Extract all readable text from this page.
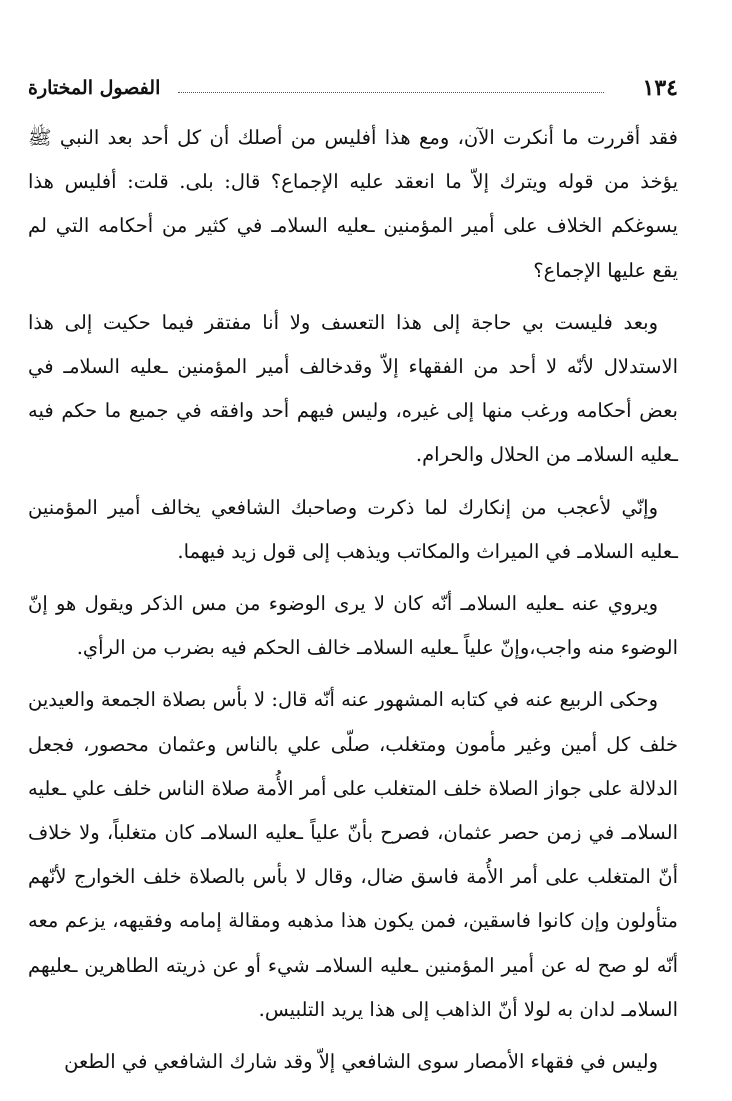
١٣٤
الفصول المختارة

فقد أقررت ما أنكرت الآن، ومع هذا أفليس من أصلك أن كل أحد بعد النبي ﷺ يؤخذ من قوله ويترك إلاّ ما انعقد عليه الإجماع؟ قال: بلى. قلت: أفليس هذا يسوغكم الخلاف على أمير المؤمنين ـعليه السلامـ في كثير من أحكامه التي لم يقع عليها الإجماع؟

وبعد فليست بي حاجة إلى هذا التعسف ولا أنا مفتقر فيما حكيت إلى هذا الاستدلال لأنّه لا أحد من الفقهاء إلاّ وقدخالف أمير المؤمنين ـعليه السلامـ في بعض أحكامه ورغب منها إلى غيره، وليس فيهم أحد وافقه في جميع ما حكم فيه ـعليه السلامـ من الحلال والحرام.

وإنّي لأعجب من إنكارك لما ذكرت وصاحبك الشافعي يخالف أمير المؤمنين ـعليه السلامـ في الميراث والمكاتب ويذهب إلى قول زيد فيهما.

ويروي عنه ـعليه السلامـ أنّه كان لا يرى الوضوء من مس الذكر ويقول هو إنّ الوضوء منه واجب،وإنّ علياً ـعليه السلامـ خالف الحكم فيه بضرب من الرأي.

وحكى الربيع عنه في كتابه المشهور عنه أنّه قال: لا بأس بصلاة الجمعة والعيدين خلف كل أمين وغير مأمون ومتغلب، صلّى علي بالناس وعثمان محصور، فجعل الدلالة على جواز الصلاة خلف المتغلب على أمر الأُمة صلاة الناس خلف علي ـعليه السلامـ في زمن حصر عثمان، فصرح بأنّ علياً ـعليه السلامـ كان متغلباً، ولا خلاف أنّ المتغلب على أمر الأُمة فاسق ضال، وقال لا بأس بالصلاة خلف الخوارج لأنّهم متأولون وإن كانوا فاسقين، فمن يكون هذا مذهبه ومقالة إمامه وفقيهه، يزعم معه أنّه لو صح له عن أمير المؤمنين ـعليه السلامـ شيء أو عن ذريته الطاهرين ـعليهم السلامـ لدان به لولا أنّ الذاهب إلى هذا يريد التلبيس.

وليس في فقهاء الأمصار سوى الشافعي إلاّ وقد شارك الشافعي في الطعن
